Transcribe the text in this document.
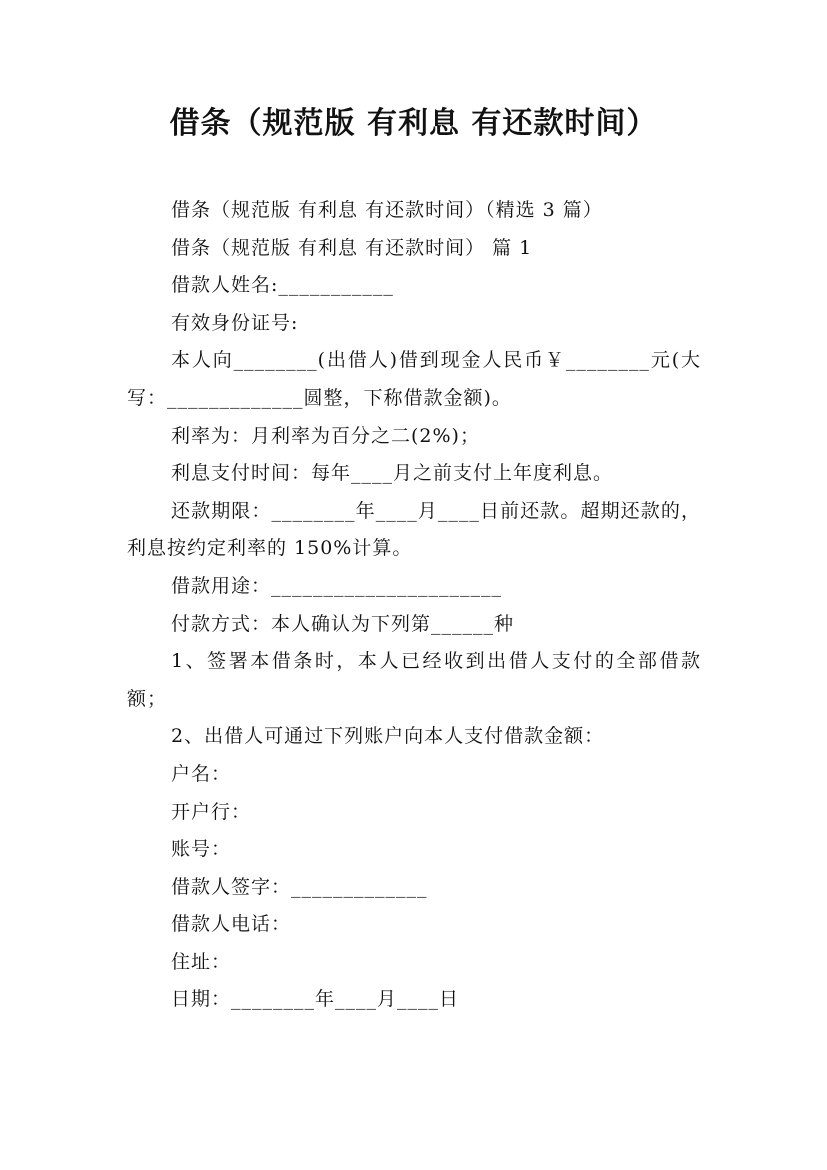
借条（规范版 有利息 有还款时间）
借条（规范版 有利息 有还款时间）（精选 3 篇）
借条（规范版 有利息 有还款时间） 篇 1
借款人姓名:___________
有效身份证号:
本人向________(出借人)借到现金人民币￥________元(大写：_____________圆整，下称借款金额)。
利率为：月利率为百分之二(2%)；
利息支付时间：每年____月之前支付上年度利息。
还款期限：________年____月____日前还款。超期还款的，利息按约定利率的 150%计算。
借款用途：______________________
付款方式：本人确认为下列第______种
1、签署本借条时，本人已经收到出借人支付的全部借款额；
2、出借人可通过下列账户向本人支付借款金额：
户名：
开户行：
账号：
借款人签字：_____________
借款人电话：
住址：
日期：________年____月____日
